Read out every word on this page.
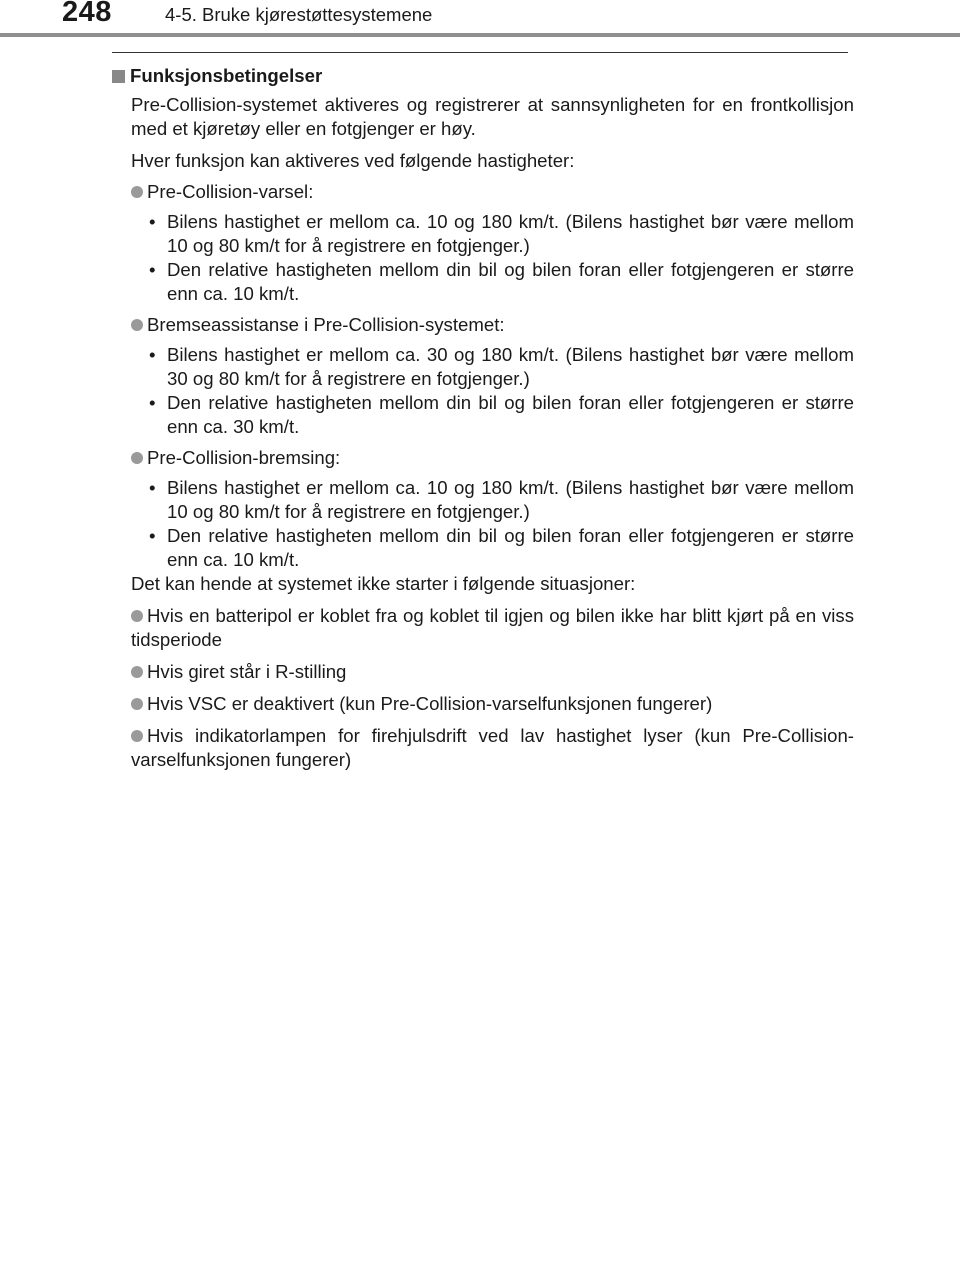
248	4-5. Bruke kjørestøttesystemene

Funksjonsbetingelser

Pre-Collision-systemet aktiveres og registrerer at sannsynligheten for en frontkollisjon med et kjøretøy eller en fotgjenger er høy.

Hver funksjon kan aktiveres ved følgende hastigheter:

Pre-Collision-varsel:
• Bilens hastighet er mellom ca. 10 og 180 km/t. (Bilens hastighet bør være mellom 10 og 80 km/t for å registrere en fotgjenger.)
• Den relative hastigheten mellom din bil og bilen foran eller fotgjengeren er større enn ca. 10 km/t.
Bremseassistanse i Pre-Collision-systemet:
• Bilens hastighet er mellom ca. 30 og 180 km/t. (Bilens hastighet bør være mellom 30 og 80 km/t for å registrere en fotgjenger.)
• Den relative hastigheten mellom din bil og bilen foran eller fotgjengeren er større enn ca. 30 km/t.
Pre-Collision-bremsing:
• Bilens hastighet er mellom ca. 10 og 180 km/t. (Bilens hastighet bør være mellom 10 og 80 km/t for å registrere en fotgjenger.)
• Den relative hastigheten mellom din bil og bilen foran eller fotgjengeren er større enn ca. 10 km/t.

Det kan hende at systemet ikke starter i følgende situasjoner:

Hvis en batteripol er koblet fra og koblet til igjen og bilen ikke har blitt kjørt på en viss tidsperiode
Hvis giret står i R-stilling
Hvis VSC er deaktivert (kun Pre-Collision-varselfunksjonen fungerer)
Hvis indikatorlampen for firehjulsdrift ved lav hastighet lyser (kun Pre-Collision-varselfunksjonen fungerer)
